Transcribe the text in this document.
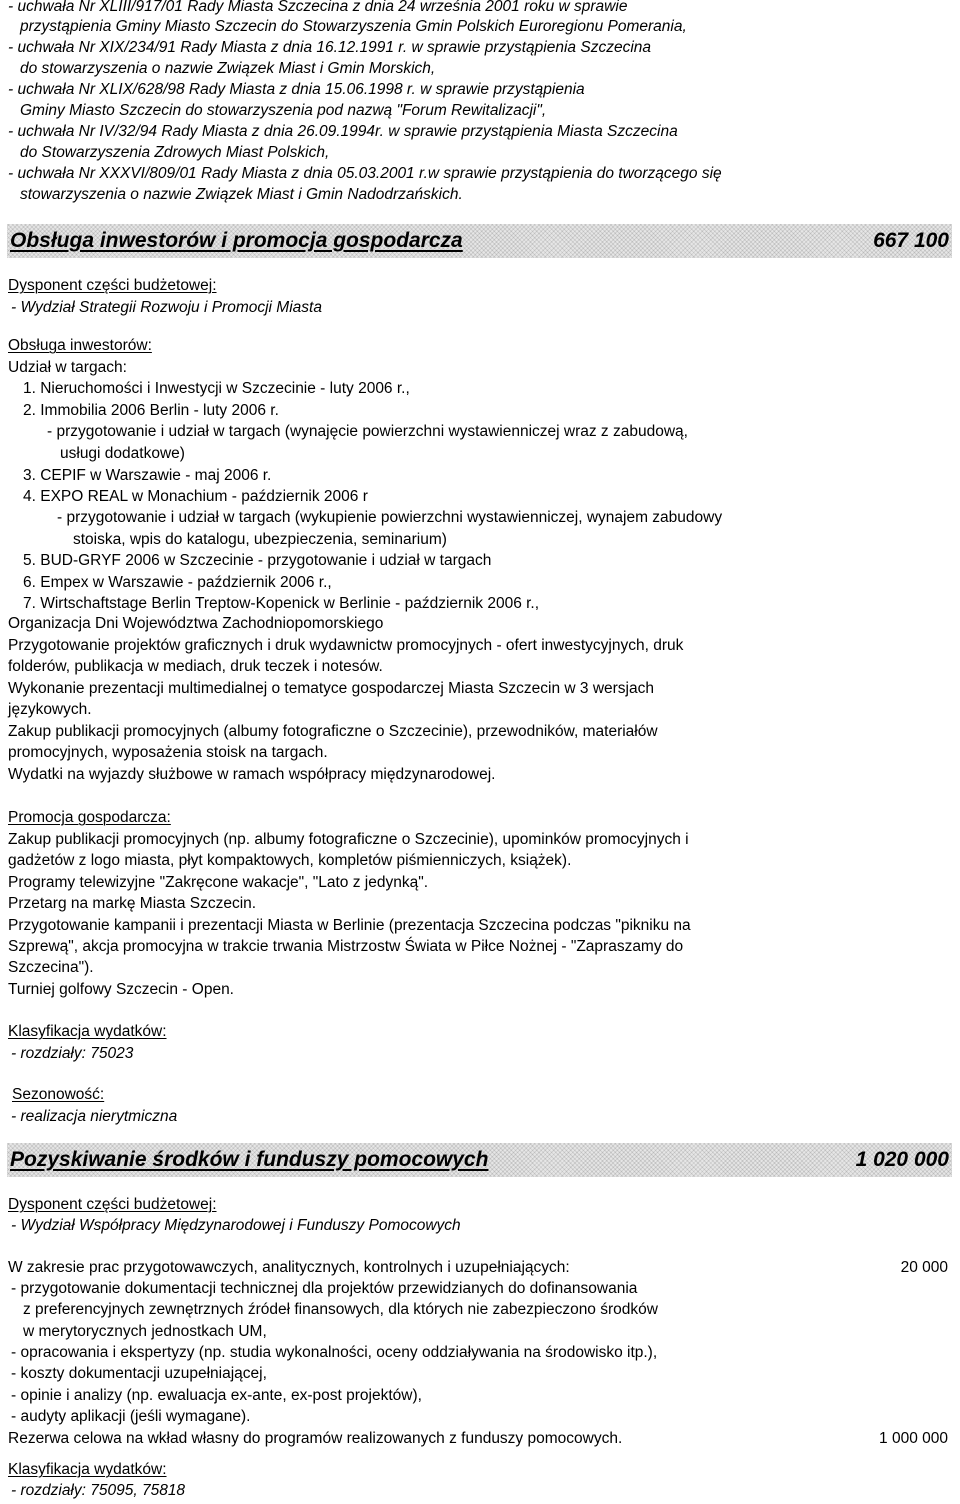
- uchwała Nr XLIII/917/01 Rady Miasta Szczecina z dnia 24 września 2001 roku w sprawie
przystąpienia Gminy Miasto Szczecin do Stowarzyszenia Gmin Polskich Euroregionu Pomerania,
- uchwała Nr XIX/234/91 Rady Miasta z dnia 16.12.1991 r. w sprawie przystąpienia Szczecina
do stowarzyszenia o nazwie Związek Miast i Gmin Morskich,
- uchwała Nr XLIX/628/98 Rady Miasta z dnia 15.06.1998 r. w sprawie przystąpienia
Gminy Miasto Szczecin do stowarzyszenia pod nazwą "Forum Rewitalizacji",
- uchwała Nr IV/32/94 Rady Miasta z dnia 26.09.1994r. w sprawie przystąpienia Miasta Szczecina
do Stowarzyszenia Zdrowych Miast Polskich,
- uchwała Nr XXXVI/809/01 Rady Miasta z dnia 05.03.2001 r.w sprawie przystąpienia do tworzącego się
stowarzyszenia o nazwie Związek Miast i Gmin Nadodrzańskich.
Obsługa inwestorów i promocja gospodarcza	667 100
Dysponent części budżetowej:
- Wydział Strategii Rozwoju i Promocji Miasta
Obsługa inwestorów:
Udział w targach:
1. Nieruchomości i Inwestycji w Szczecinie - luty 2006 r.,
2. Immobilia 2006 Berlin - luty 2006 r.
- przygotowanie i udział w targach (wynajęcie powierzchni wystawienniczej wraz z zabudową,
usługi dodatkowe)
3. CEPIF w Warszawie - maj 2006 r.
4. EXPO REAL w Monachium - październik 2006 r
- przygotowanie i udział w targach (wykupienie powierzchni wystawienniczej, wynajem zabudowy
stoiska, wpis do katalogu, ubezpieczenia, seminarium)
5. BUD-GRYF 2006 w Szczecinie - przygotowanie i udział w targach
6. Empex w Warszawie - październik 2006 r.,
7. Wirtschaftstage Berlin Treptow-Kopenick w Berlinie - październik 2006 r.,
Organizacja Dni Województwa Zachodniopomorskiego
Przygotowanie projektów graficznych i druk wydawnictw promocyjnych - ofert inwestycyjnych, druk
folderów, publikacja w mediach, druk teczek i notesów.
Wykonanie prezentacji multimedialnej o tematyce gospodarczej Miasta Szczecin w 3 wersjach
językowych.
Zakup publikacji promocyjnych (albumy fotograficzne o Szczecinie), przewodników, materiałów
promocyjnych, wyposażenia stoisk na targach.
Wydatki na wyjazdy służbowe w ramach współpracy międzynarodowej.
Promocja gospodarcza:
Zakup publikacji promocyjnych (np. albumy fotograficzne o Szczecinie), upominków promocyjnych i
gadżetów z logo miasta, płyt kompaktowych, kompletów piśmienniczych, książek).
Programy telewizyjne "Zakręcone wakacje", "Lato z jedynką".
Przetarg na markę Miasta Szczecin.
Przygotowanie kampanii i prezentacji Miasta w Berlinie (prezentacja Szczecina podczas "pikniku na
Szprewą", akcja promocyjna w trakcie trwania Mistrzostw Świata w Piłce Nożnej - "Zapraszamy do
Szczecina").
Turniej golfowy Szczecin - Open.
Klasyfikacja wydatków:
- rozdziały: 75023
Sezonowość:
- realizacja nierytmiczna
Pozyskiwanie środków i funduszy pomocowych	1 020 000
Dysponent części budżetowej:
- Wydział Współpracy Międzynarodowej i Funduszy Pomocowych
W zakresie prac przygotowawczych, analitycznych, kontrolnych i uzupełniających:	20 000
- przygotowanie dokumentacji technicznej dla projektów przewidzianych do dofinansowania
z preferencyjnych zewnętrznych źródeł finansowych, dla których nie zabezpieczono środków
w merytorycznych jednostkach UM,
- opracowania i ekspertyzy (np. studia wykonalności, oceny oddziaływania na środowisko itp.),
- koszty dokumentacji uzupełniającej,
- opinie i analizy (np. ewaluacja ex-ante, ex-post projektów),
- audyty aplikacji (jeśli wymagane).
Rezerwa celowa na wkład własny do programów realizowanych z funduszy pomocowych.	1 000 000
Klasyfikacja wydatków:
- rozdziały: 75095, 75818
